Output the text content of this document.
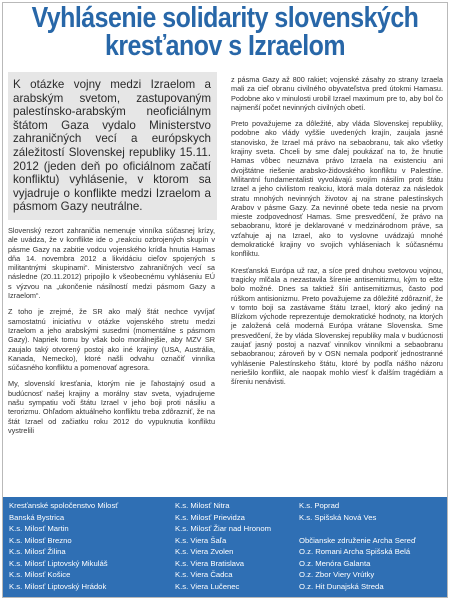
Vyhlásenie solidarity slovenských
kresťanov s Izraelom
K otázke vojny medzi Izraelom a arabským svetom, zastupovaným palestínsko-arabským neoficiálnym štátom Gaza vydalo Ministerstvo zahraničných vecí a európskych záležitostí Slovenskej republiky 15.11. 2012 (jeden deň po oficiálnom začatí konfliktu) vyhlásenie, v ktorom sa vyjadruje o konflikte medzi Izraelom a pásmom Gazy neutrálne.

Slovenský rezort zahraničia nemenuje vinníka súčasnej krízy, ale uvádza, že v konflikte ide o „reakciu ozbrojených skupín v pásme Gazy na zabitie vodcu vojenského krídla hnutia Hamas dňa 14. novembra 2012 a likvidáciu cieľov spojených s militantnými skupinami“. Ministerstvo zahraničných vecí sa následne (20.11.2012) pripojilo k všeobecnému vyhláseniu EÚ s výzvou na „ukončenie násilností medzi pásmom Gazy a Izraelom“.

Z toho je zrejmé, že SR ako malý štát nechce vyvíjať samostatnú iniciatívu v otázke vojenského stretu medzi Izraelom a jeho arabskými susedmi (momentálne s pásmom Gazy). Napriek tomu by však bolo morálnejšie, aby MZV SR zaujalo taký otvorený postoj ako iné krajiny (USA, Austrália, Kanada, Nemecko), ktoré našli odvahu označiť vinníka súčasného konfliktu a pomenovať agresora.

My, slovenskí kresťania, ktorým nie je ľahostajný osud a budúcnosť našej krajiny a morálny stav sveta, vyjadrujeme našu sympatiu voči štátu Izrael v jeho boji proti násiliu a terorizmu. Ohľadom aktuálneho konfliktu treba zdôrazniť, že na štát Izrael od začiatku roku 2012 do vypuknutia konfliktu vystrelili

z pásma Gazy až 800 rakiet; vojenské zásahy zo strany Izraela mali za cieľ obranu civilného obyvateľstva pred útokmi Hamasu. Podobne ako v minulosti urobil Izrael maximum pre to, aby bol čo najmenší počet nevinných civilných obetí.

Preto považujeme za dôležité, aby vláda Slovenskej republiky, podobne ako vlády vyššie uvedených krajín, zaujala jasné stanovisko, že Izrael má právo na sebaobranu, tak ako všetky krajiny sveta. Chceli by sme ďalej poukázať na to, že hnutie Hamas vôbec neuznáva právo Izraela na existenciu ani dvojštátne riešenie arabsko-židovského konfliktu v Palestíne. Militantní fundamentalisti vyvolávajú svojím násilím proti štátu Izrael a jeho civilistom reakciu, ktorá mala doteraz za následok stratu mnohých nevinných životov aj na strane palestínskych Arabov v pásme Gazy. Za nevinné obete teda nesie na prvom mieste zodpovednosť Hamas. Sme presvedčení, že právo na sebaobranu, ktoré je deklarované v medzinárodnom práve, sa vzťahuje aj na Izrael, ako to vyslovne uvádzajú mnohé demokratické krajiny vo svojich vyhláseniach k súčasnému konfliktu.

Kresťanská Európa už raz, a síce pred druhou svetovou vojnou, tragicky mlčala a nezastavila šírenie antisemitizmu, kým to ešte bolo možné. Dnes sa taktiež šíri antisemitizmus, často pod rúškom antisionizmu. Preto považujeme za dôležité zdôrazniť, že v tomto boji sa zastávame štátu Izrael, ktorý ako jediný na Blízkom východe reprezentuje demokratické hodnoty, na ktorých je založená celá moderná Európa vrátane Slovenska. Sme presvedčení, že by vláda Slovenskej republiky mala v budúcnosti zaujať jasný postoj a nazvať vinníkov vinníkmi a sebaobranu sebaobranou; zároveň by v OSN nemala podporiť jednostranné vyhlásenie Palestínskeho štátu, ktoré by podľa nášho názoru neriešilo konflikt, ale naopak mohlo viesť k ďalším tragédiám a šíreniu nenávisti.

Kresťanské spoločenstvo Milosť
Banská Bystrica
K.s. Milosť Martin
K.s. Milosť Brezno
K.s. Milosť Žilina
K.s. Milosť Liptovský Mikuláš
K.s. Milosť Košice
K.s. Milosť Liptovský Hrádok
K.s. Milosť Nitra
K.s. Milosť Prievidza
K.s. Milosť Žiar nad Hronom
K.s. Viera Šaľa
K.s. Viera Zvolen
K.s. Viera Bratislava
K.s. Viera Čadca
K.s. Viera Lučenec
K.s. Poprad
K.s. Spišská Nová Ves

Občianske združenie Archa Sereď
O.z. Romani Archa Spišská Belá
O.z. Menóra Galanta
O.z. Zbor Viery Vrútky
O.z. Hit Dunajská Streda
